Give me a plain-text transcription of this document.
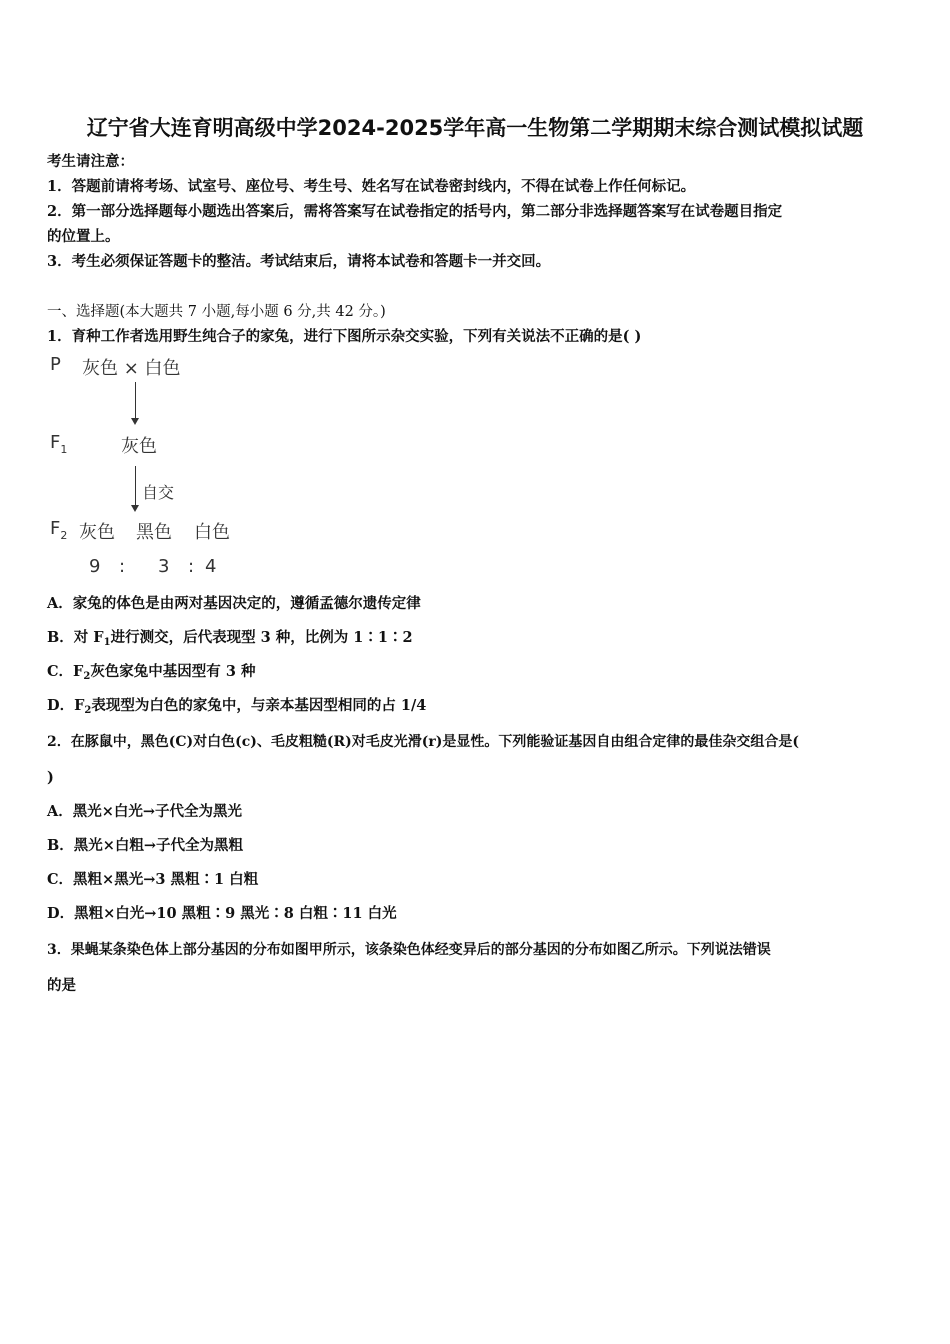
辽宁省大连育明高级中学2024-2025学年高一生物第二学期期末综合测试模拟试题
考生请注意：
1．答题前请将考场、试室号、座位号、考生号、姓名写在试卷密封线内，不得在试卷上作任何标记。
2．第一部分选择题每小题选出答案后，需将答案写在试卷指定的括号内，第二部分非选择题答案写在试卷题目指定
的位置上。
3．考生必须保证答题卡的整洁。考试结束后，请将本试卷和答题卡一并交回。
一、选择题(本大题共 7 小题,每小题 6 分,共 42 分。)
1．育种工作者选用野生纯合子的家兔，进行下图所示杂交实验，下列有关说法不正确的是( )
P 灰色 × 白色
$F_1$	灰色
自交
$F_2$ 灰色 黑色 白色
9 : 3 : 4
A．家兔的体色是由两对基因决定的，遵循孟德尔遗传定律
B．对 $F_1$进行测交，后代表现型 3 种，比例为 1∶1∶2
C．$F_2$灰色家兔中基因型有 3 种
D．$F_2$表现型为白色的家兔中，与亲本基因型相同的占 1/4
2．在豚鼠中，黑色(C)对白色(c)、毛皮粗糙(R)对毛皮光滑(r)是显性。下列能验证基因自由组合定律的最佳杂交组合是(
)
A．黑光×白光→子代全为黑光
B．黑光×白粗→子代全为黑粗
C．黑粗×黑光→3 黑粗∶1 白粗
D．黑粗×白光→10 黑粗∶9 黑光∶8 白粗∶11 白光
3．果蝇某条染色体上部分基因的分布如图甲所示，该条染色体经变异后的部分基因的分布如图乙所示。下列说法错误
的是
